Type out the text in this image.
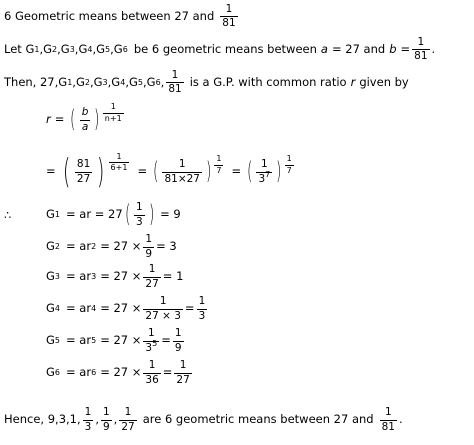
6 Geometric means between 27 and $\frac{1}{81}$
Let G 1 , G 2 , G 3 , G 4 , G 5 , G 6 be 6 geometric means between a = 27 and $b = \frac{1}{81}$ .
Then, 27,G 1 , G 2 , G 3 , G 4 , G 5 , G 6 , $\frac{1}{81}$ is a G.P. with common ratio r given by
r = ( $\frac{b}{a}$ ) $\frac{1}{n+1}$
= ( $\frac{81}{27}$ ) $\frac{1}{6+1}$ = ( $\frac{1}{81\times 27}$ ) $\frac{1}{7}$ = ( $\frac{1}{3^7}$ ) $\frac{1}{7}$
∴	G 1 = ar = 27 ( $\frac{1}{3}$ ) = 9
G 2 = ar $2 = 27 \times \frac{1}{9} = 3$
G 3 = ar $3 = 27 \times \frac{1}{27} = 1$
G 4 = ar $4 = 27 \times \frac{1}{27 \times 3} = \frac{1}{3}$
G 5 = ar $5 = 27 \times \frac{1}{3^5} = \frac{1}{9}$
G 6 = ar $6 = 27 \times \frac{1}{36} = \frac{1}{27}$
Hence, 9,3,1, $\frac{1}{3}$ , $\frac{1}{9}$ , $\frac{1}{27}$ are 6 geometric means between 27 and $\frac{1}{81}$ .
